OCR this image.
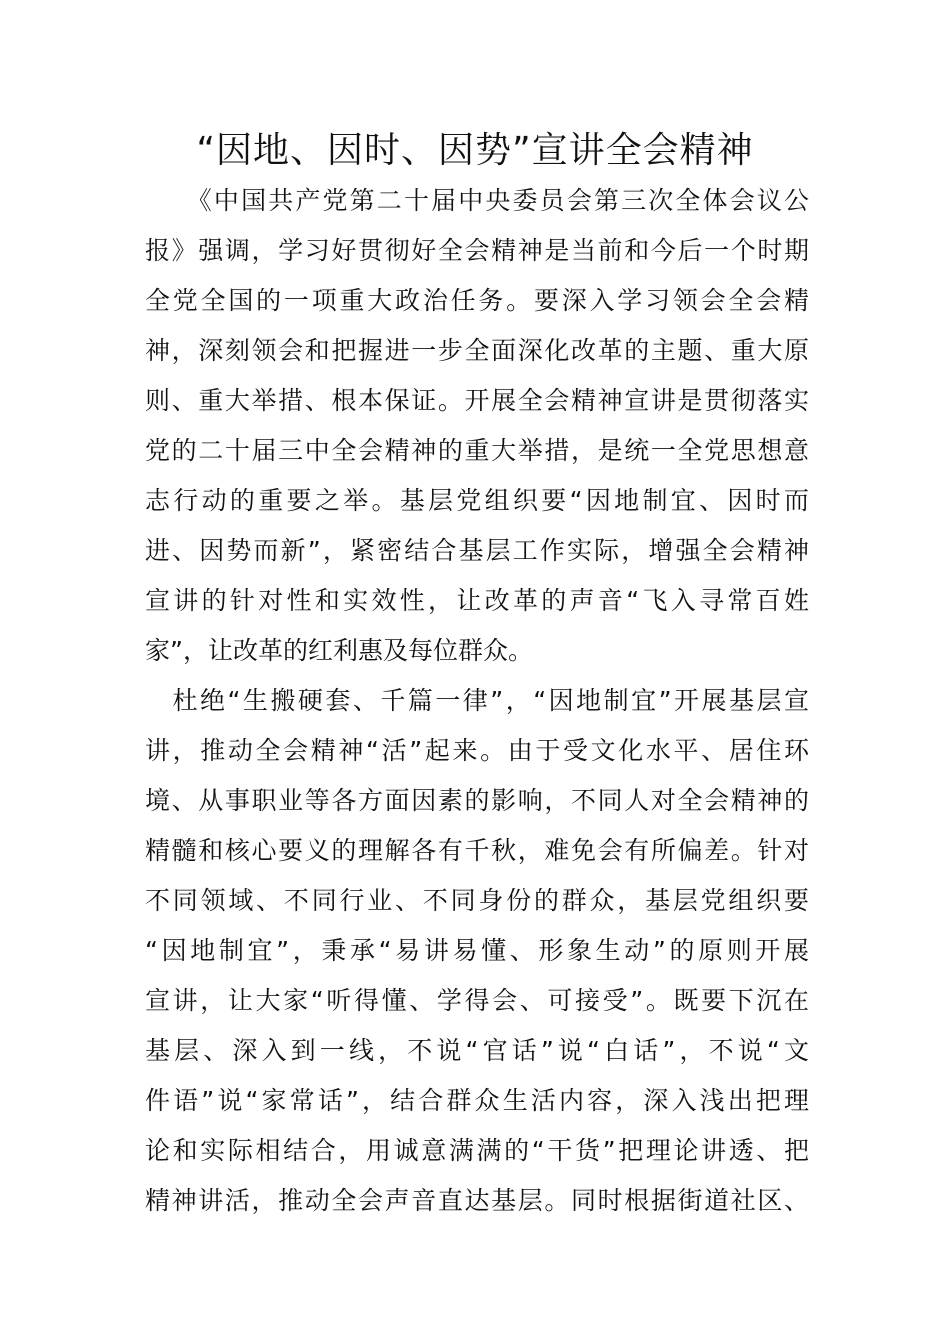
“因地、因时、因势”宣讲全会精神
　　《中国共产党第二十届中央委员会第三次全体会议公
报》强调，学习好贯彻好全会精神是当前和今后一个时期
全党全国的一项重大政治任务。要深入学习领会全会精
神，深刻领会和把握进一步全面深化改革的主题、重大原
则、重大举措、根本保证。开展全会精神宣讲是贯彻落实
党的二十届三中全会精神的重大举措，是统一全党思想意
志行动的重要之举。基层党组织要“因地制宜、因时而
进、因势而新”，紧密结合基层工作实际，增强全会精神
宣讲的针对性和实效性，让改革的声音“飞入寻常百姓
家”，让改革的红利惠及每位群众。
　杜绝“生搬硬套、千篇一律”，“因地制宜”开展基层宣
讲，推动全会精神“活”起来。由于受文化水平、居住环
境、从事职业等各方面因素的影响，不同人对全会精神的
精髓和核心要义的理解各有千秋，难免会有所偏差。针对
不同领域、不同行业、不同身份的群众，基层党组织要
“因地制宜”，秉承“易讲易懂、形象生动”的原则开展
宣讲，让大家“听得懂、学得会、可接受”。既要下沉在
基层、深入到一线，不说“官话”说“白话”，不说“文
件语”说“家常话”，结合群众生活内容，深入浅出把理
论和实际相结合，用诚意满满的“干货”把理论讲透、把
精神讲活，推动全会声音直达基层。同时根据街道社区、
